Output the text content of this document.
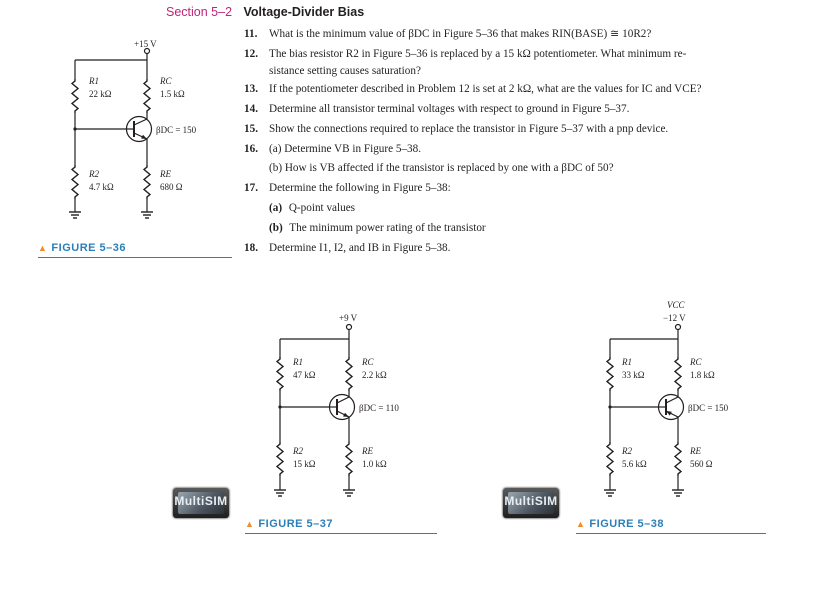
Section 5–2 Voltage-Divider Bias
11. What is the minimum value of βDC in Figure 5–36 that makes RIN(BASE) ≅ 10R2?
12. The bias resistor R2 in Figure 5–36 is replaced by a 15 kΩ potentiometer. What minimum re-
sistance setting causes saturation?
13. If the potentiometer described in Problem 12 is set at 2 kΩ, what are the values for IC and VCE?
14. Determine all transistor terminal voltages with respect to ground in Figure 5–37.
15. Show the connections required to replace the transistor in Figure 5–37 with a pnp device.
16. (a) Determine VB in Figure 5–38.
(b) How is VB affected if the transistor is replaced by one with a βDC of 50?
17. Determine the following in Figure 5–38:
(a) Q-point values
(b) The minimum power rating of the transistor
18. Determine I1, I2, and IB in Figure 5–38.
+15 V
R1
22 kΩ
RC
1.5 kΩ
βDC = 150
R2
4.7 kΩ
RE
680 Ω
+9 V
R1
47 kΩ
RC
2.2 kΩ
βDC = 110
R2
15 kΩ
RE
1.0 kΩ
VCC
−12 V
R1
33 kΩ
RC
1.8 kΩ
βDC = 150
R2
5.6 kΩ
RE
560 Ω
▲ FIGURE 5–36
▲ FIGURE 5–37	▲ FIGURE 5–38
MultiSIM	MultiSIM
